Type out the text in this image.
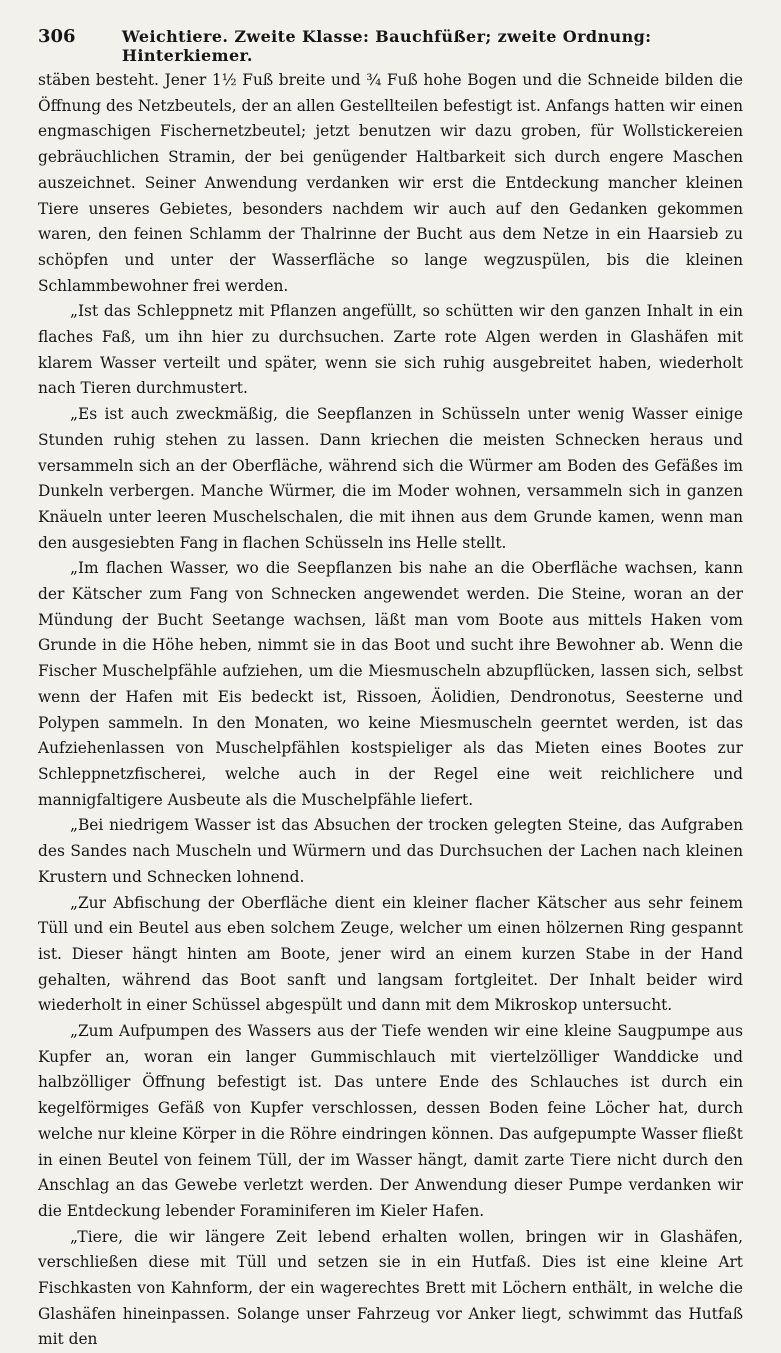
306	Weichtiere. Zweite Klasse: Bauchfüßer; zweite Ordnung: Hinterkiemer.

stäben besteht. Jener 1½ Fuß breite und ¾ Fuß hohe Bogen und die Schneide bilden die Öffnung des Netzbeutels, der an allen Gestellteilen befestigt ist. Anfangs hatten wir einen engmaschigen Fischernetzbeutel; jetzt benutzen wir dazu groben, für Wollstickereien gebräuchlichen Stramin, der bei genügender Haltbarkeit sich durch engere Maschen auszeichnet. Seiner Anwendung verdanken wir erst die Entdeckung mancher kleinen Tiere unseres Gebietes, besonders nachdem wir auch auf den Gedanken gekommen waren, den feinen Schlamm der Thalrinne der Bucht aus dem Netze in ein Haarsieb zu schöpfen und unter der Wasserfläche so lange wegzuspülen, bis die kleinen Schlammbewohner frei werden.

„Ist das Schleppnetz mit Pflanzen angefüllt, so schütten wir den ganzen Inhalt in ein flaches Faß, um ihn hier zu durchsuchen. Zarte rote Algen werden in Glashäfen mit klarem Wasser verteilt und später, wenn sie sich ruhig ausgebreitet haben, wiederholt nach Tieren durchmustert.

„Es ist auch zweckmäßig, die Seepflanzen in Schüsseln unter wenig Wasser einige Stunden ruhig stehen zu lassen. Dann kriechen die meisten Schnecken heraus und versammeln sich an der Oberfläche, während sich die Würmer am Boden des Gefäßes im Dunkeln verbergen. Manche Würmer, die im Moder wohnen, versammeln sich in ganzen Knäueln unter leeren Muschelschalen, die mit ihnen aus dem Grunde kamen, wenn man den ausgesiebten Fang in flachen Schüsseln ins Helle stellt.

„Im flachen Wasser, wo die Seepflanzen bis nahe an die Oberfläche wachsen, kann der Kätscher zum Fang von Schnecken angewendet werden. Die Steine, woran an der Mündung der Bucht Seetange wachsen, läßt man vom Boote aus mittels Haken vom Grunde in die Höhe heben, nimmt sie in das Boot und sucht ihre Bewohner ab. Wenn die Fischer Muschelpfähle aufziehen, um die Miesmuscheln abzupflücken, lassen sich, selbst wenn der Hafen mit Eis bedeckt ist, Rissoen, Äolidien, Dendronotus, Seesterne und Polypen sammeln. In den Monaten, wo keine Miesmuscheln geerntet werden, ist das Aufziehenlassen von Muschelpfählen kostspieliger als das Mieten eines Bootes zur Schleppnetzfischerei, welche auch in der Regel eine weit reichlichere und mannigfaltigere Ausbeute als die Muschelpfähle liefert.

„Bei niedrigem Wasser ist das Absuchen der trocken gelegten Steine, das Aufgraben des Sandes nach Muscheln und Würmern und das Durchsuchen der Lachen nach kleinen Krustern und Schnecken lohnend.

„Zur Abfischung der Oberfläche dient ein kleiner flacher Kätscher aus sehr feinem Tüll und ein Beutel aus eben solchem Zeuge, welcher um einen hölzernen Ring gespannt ist. Dieser hängt hinten am Boote, jener wird an einem kurzen Stabe in der Hand gehalten, während das Boot sanft und langsam fortgleitet. Der Inhalt beider wird wiederholt in einer Schüssel abgespült und dann mit dem Mikroskop untersucht.

„Zum Aufpumpen des Wassers aus der Tiefe wenden wir eine kleine Saugpumpe aus Kupfer an, woran ein langer Gummischlauch mit viertelzölliger Wanddicke und halbzölliger Öffnung befestigt ist. Das untere Ende des Schlauches ist durch ein kegelförmiges Gefäß von Kupfer verschlossen, dessen Boden feine Löcher hat, durch welche nur kleine Körper in die Röhre eindringen können. Das aufgepumpte Wasser fließt in einen Beutel von feinem Tüll, der im Wasser hängt, damit zarte Tiere nicht durch den Anschlag an das Gewebe verletzt werden. Der Anwendung dieser Pumpe verdanken wir die Entdeckung lebender Foraminiferen im Kieler Hafen.

„Tiere, die wir längere Zeit lebend erhalten wollen, bringen wir in Glashäfen, verschließen diese mit Tüll und setzen sie in ein Hutfaß. Dies ist eine kleine Art Fischkasten von Kahnform, der ein wagerechtes Brett mit Löchern enthält, in welche die Glashäfen hineinpassen. Solange unser Fahrzeug vor Anker liegt, schwimmt das Hutfaß mit den
